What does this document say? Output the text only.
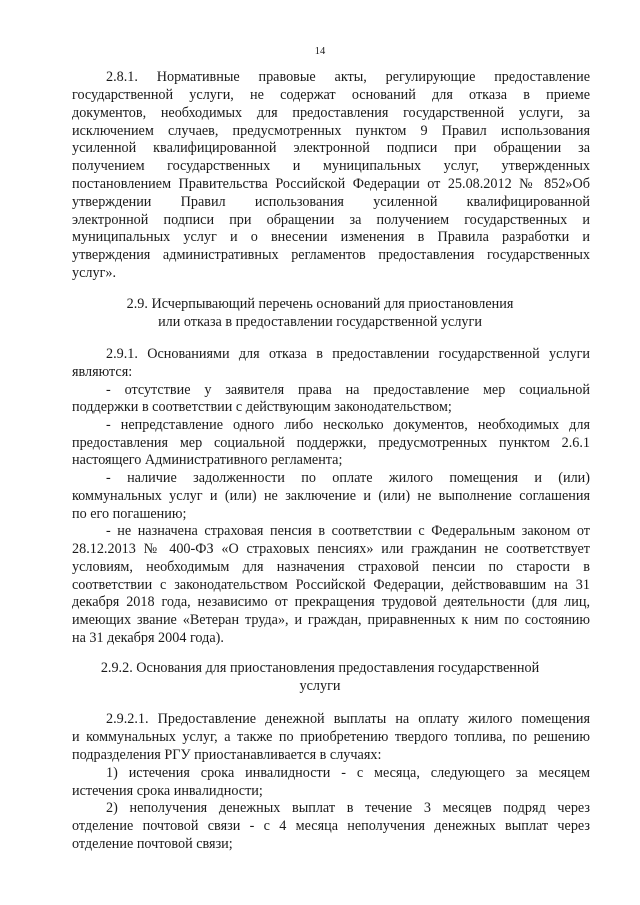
14
2.8.1. Нормативные правовые акты, регулирующие предоставление
государственной услуги, не содержат оснований для отказа в приеме
документов, необходимых для предоставления государственной услуги, за
исключением случаев, предусмотренных пунктом 9 Правил использования
усиленной квалифицированной электронной подписи при обращении за
получением государственных и муниципальных услуг, утвержденных
постановлением Правительства Российской Федерации от 25.08.2012 № 852»Об
утверждении Правил использования усиленной квалифицированной
электронной подписи при обращении за получением государственных и
муниципальных услуг и о внесении изменения в Правила разработки и
утверждения административных регламентов предоставления государственных
услуг».
2.9. Исчерпывающий перечень оснований для приостановления
или отказа в предоставлении государственной услуги
2.9.1. Основаниями для отказа в предоставлении государственной услуги
являются:
- отсутствие у заявителя права на предоставление мер социальной
поддержки в соответствии с действующим законодательством;
- непредставление одного либо несколько документов, необходимых для
предоставления мер социальной поддержки, предусмотренных пунктом 2.6.1
настоящего Административного регламента;
- наличие задолженности по оплате жилого помещения и (или)
коммунальных услуг и (или) не заключение и (или) не выполнение соглашения
по его погашению;
- не назначена страховая пенсия в соответствии с Федеральным законом от
28.12.2013 № 400-ФЗ «О страховых пенсиях» или гражданин не соответствует
условиям, необходимым для назначения страховой пенсии по старости в
соответствии с законодательством Российской Федерации, действовавшим на 31
декабря 2018 года, независимо от прекращения трудовой деятельности (для лиц,
имеющих звание «Ветеран труда», и граждан, приравненных к ним по состоянию
на 31 декабря 2004 года).
2.9.2. Основания для приостановления предоставления государственной
услуги
2.9.2.1. Предоставление денежной выплаты на оплату жилого помещения
и коммунальных услуг, а также по приобретению твердого топлива, по решению
подразделения РГУ приостанавливается в случаях:
1) истечения срока инвалидности - с месяца, следующего за месяцем
истечения срока инвалидности;
2) неполучения денежных выплат в течение 3 месяцев подряд через
отделение почтовой связи - с 4 месяца неполучения денежных выплат через
отделение почтовой связи;
